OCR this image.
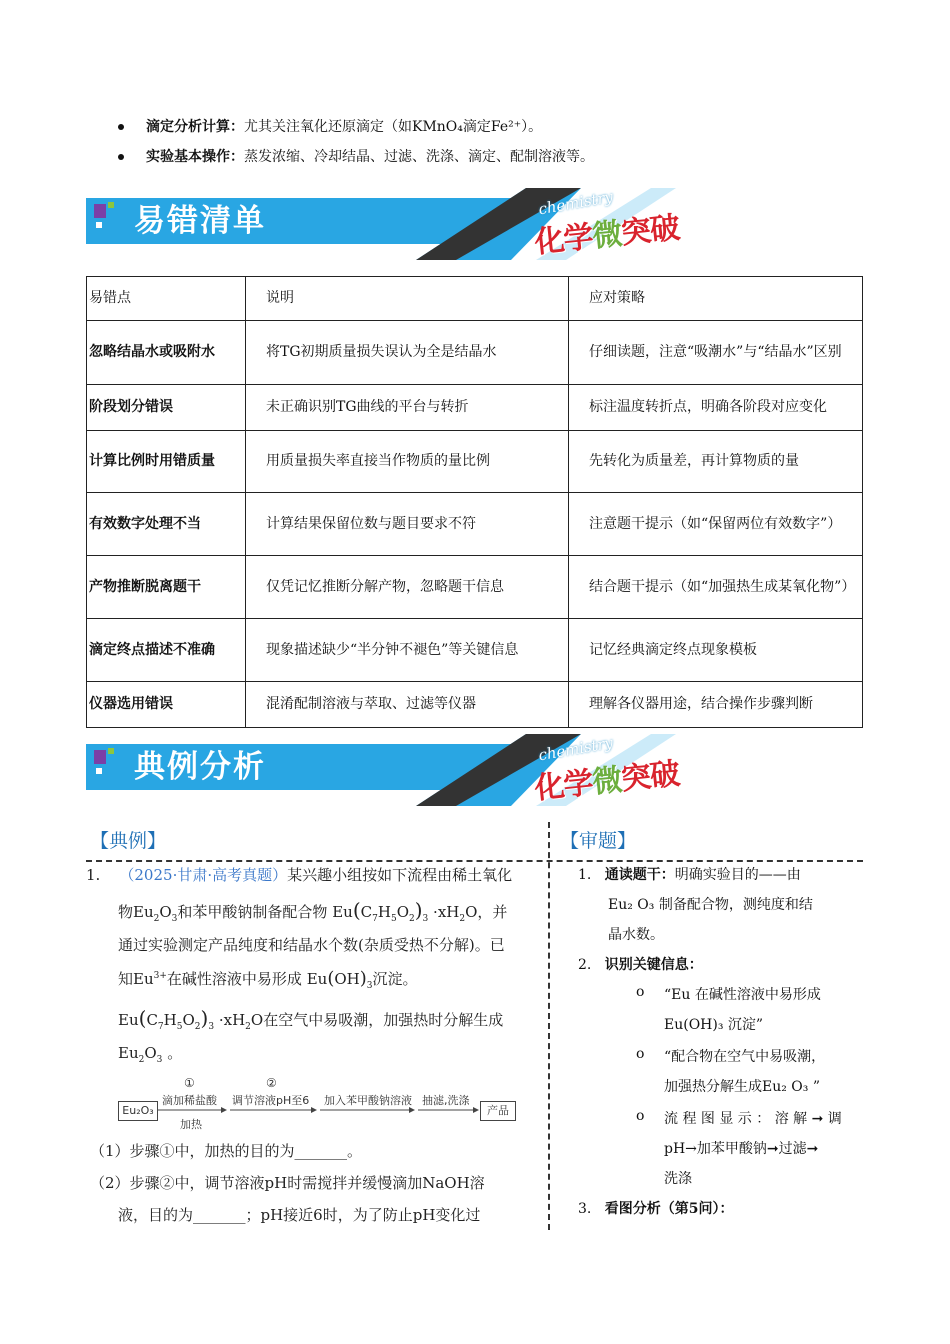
滴定分析计算：尤其关注氧化还原滴定（如KMnO₄滴定Fe²⁺）。
实验基本操作：蒸发浓缩、冷却结晶、过滤、洗涤、滴定、配制溶液等。
易错清单	chemistry
化学微突破
易错点	说明	应对策略
忽略结晶水或吸附水	将TG初期质量损失误认为全是结晶水	仔细读题，注意“吸潮水”与“结晶水”区别
阶段划分错误	未正确识别TG曲线的平台与转折	标注温度转折点，明确各阶段对应变化
计算比例时用错质量	用质量损失率直接当作物质的量比例	先转化为质量差，再计算物质的量
有效数字处理不当	计算结果保留位数与题目要求不符	注意题干提示（如“保留两位有效数字”）
产物推断脱离题干	仅凭记忆推断分解产物，忽略题干信息	结合题干提示（如“加强热生成某氧化物”）
滴定终点描述不准确	现象描述缺少“半分钟不褪色”等关键信息	记忆经典滴定终点现象模板
仪器选用错误	混淆配制溶液与萃取、过滤等仪器	理解各仪器用途，结合操作步骤判断
典例分析	chemistry
化学微突破
【典例】	【审题】
1. （2025·甘肃·高考真题）某兴趣小组按如下流程由稀土氧化
物$Eu_2O_3$和苯甲酸钠制备配合物 $Eu(C_7H_5O_2)_3 \cdot xH_2O$，并
通过实验测定产品纯度和结晶水个数(杂质受热不分解)。已
知$Eu^{3+}$在碱性溶液中易形成 $Eu(OH)_3$沉淀。
$Eu(C_7H_5O_2)_3 \cdot xH_2O$在空气中易吸潮，加强热时分解生成
$Eu_2O_3$ 。
（1）步骤①中，加热的目的为_______。
（2）步骤②中，调节溶液pH时需搅拌并缓慢滴加NaOH溶
液，目的为_______；pH接近6时，为了防止pH变化过
Eu₂O₃
①
滴加稀盐酸
加热
②
调节溶液pH至6 加入苯甲酸钠溶液 抽滤,洗涤
产品
1. 通读题干：明确实验目的——由
Eu₂ O₃ 制备配合物，测纯度和结
晶水数。
2. 识别关键信息：
o “Eu 在碱性溶液中易形成
Eu(OH)₃ 沉淀”
o “配合物在空气中易吸潮，
加强热分解生成Eu₂ O₃ ”
o 流 程 图 显 示 ： 溶 解 ➞ 调
pH→加苯甲酸钠➞过滤➞
洗涤
3. 看图分析（第5问）：
